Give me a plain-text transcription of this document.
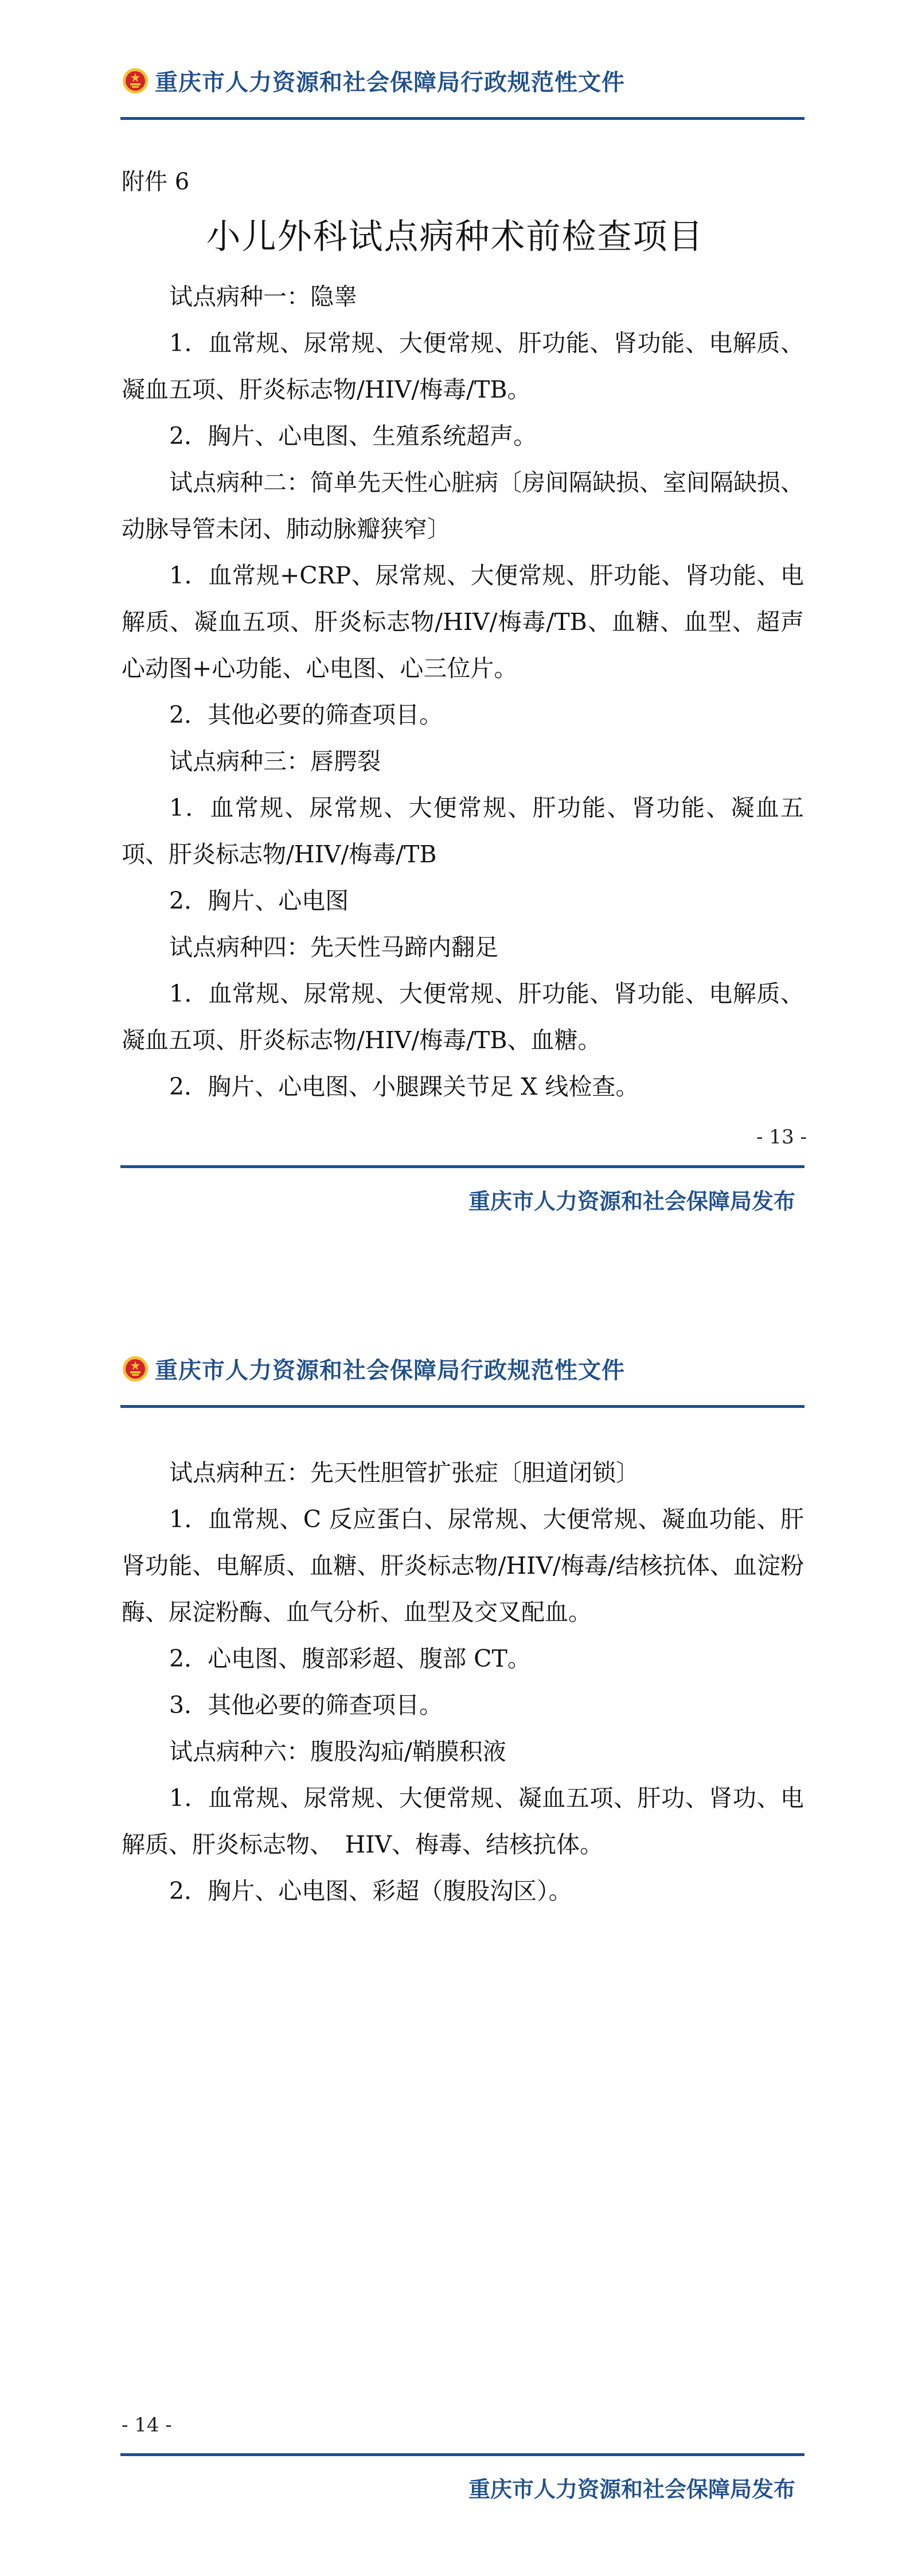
重庆市人力资源和社会保障局行政规范性文件
附件 6
小儿外科试点病种术前检查项目

试点病种一：隐睾

1．血常规、尿常规、大便常规、肝功能、肾功能、电解质、凝血五项、肝炎标志物/HIV/梅毒/TB。

2．胸片、心电图、生殖系统超声。

试点病种二：简单先天性心脏病〔房间隔缺损、室间隔缺损、动脉导管未闭、肺动脉瓣狭窄〕

1．血常规+CRP、尿常规、大便常规、肝功能、肾功能、电解质、凝血五项、肝炎标志物/HIV/梅毒/TB、血糖、血型、超声心动图+心功能、心电图、心三位片。

2．其他必要的筛查项目。

试点病种三：唇腭裂

1．血常规、尿常规、大便常规、肝功能、肾功能、凝血五项、肝炎标志物/HIV/梅毒/TB

2．胸片、心电图

试点病种四：先天性马蹄内翻足

1．血常规、尿常规、大便常规、肝功能、肾功能、电解质、凝血五项、肝炎标志物/HIV/梅毒/TB、血糖。

2．胸片、心电图、小腿踝关节足 X 线检查。

- 13 -
重庆市人力资源和社会保障局发布
重庆市人力资源和社会保障局行政规范性文件

试点病种五：先天性胆管扩张症〔胆道闭锁〕

1．血常规、C 反应蛋白、尿常规、大便常规、凝血功能、肝肾功能、电解质、血糖、肝炎标志物/HIV/梅毒/结核抗体、血淀粉酶、尿淀粉酶、血气分析、血型及交叉配血。

2．心电图、腹部彩超、腹部 CT。

3．其他必要的筛查项目。

试点病种六：腹股沟疝/鞘膜积液

1．血常规、尿常规、大便常规、凝血五项、肝功、肾功、电解质、肝炎标志物、　HIV、梅毒、结核抗体。

2．胸片、心电图、彩超（腹股沟区）。

- 14 -
重庆市人力资源和社会保障局发布
